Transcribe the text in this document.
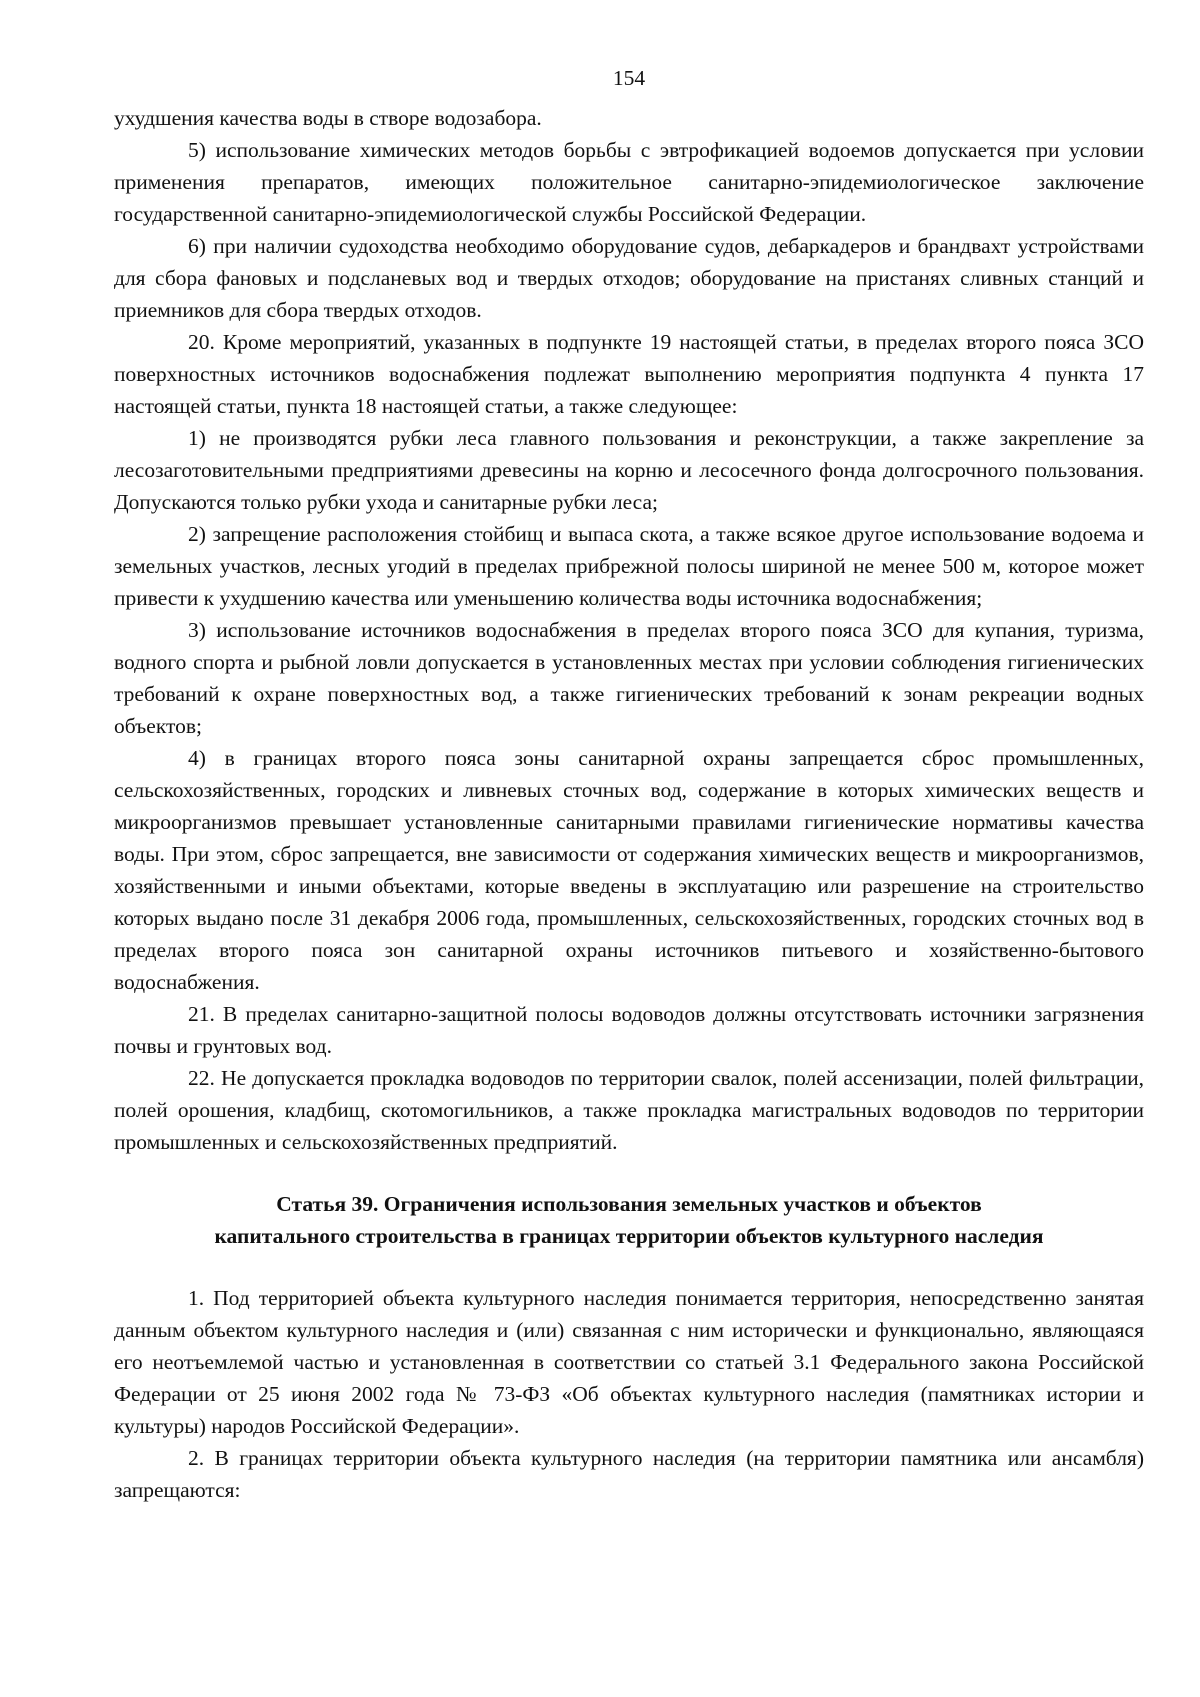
154

ухудшения качества воды в створе водозабора.

5) использование химических методов борьбы с эвтрофикацией водоемов допускается при условии применения препаратов, имеющих положительное санитарно-эпидемиологическое заключение государственной санитарно-эпидемиологической службы Российской Федерации.

6) при наличии судоходства необходимо оборудование судов, дебаркадеров и брандвахт устройствами для сбора фановых и подсланевых вод и твердых отходов; оборудование на пристанях сливных станций и приемников для сбора твердых отходов.

20. Кроме мероприятий, указанных в подпункте 19 настоящей статьи, в пределах второго пояса ЗСО поверхностных источников водоснабжения подлежат выполнению мероприятия подпункта 4 пункта 17 настоящей статьи, пункта 18 настоящей статьи, а также следующее:

1) не производятся рубки леса главного пользования и реконструкции, а также закрепление за лесозаготовительными предприятиями древесины на корню и лесосечного фонда долгосрочного пользования. Допускаются только рубки ухода и санитарные рубки леса;

2) запрещение расположения стойбищ и выпаса скота, а также всякое другое использование водоема и земельных участков, лесных угодий в пределах прибрежной полосы шириной не менее 500 м, которое может привести к ухудшению качества или уменьшению количества воды источника водоснабжения;

3) использование источников водоснабжения в пределах второго пояса ЗСО для купания, туризма, водного спорта и рыбной ловли допускается в установленных местах при условии соблюдения гигиенических требований к охране поверхностных вод, а также гигиенических требований к зонам рекреации водных объектов;

4) в границах второго пояса зоны санитарной охраны запрещается сброс промышленных, сельскохозяйственных, городских и ливневых сточных вод, содержание в которых химических веществ и микроорганизмов превышает установленные санитарными правилами гигиенические нормативы качества воды. При этом, сброс запрещается, вне зависимости от содержания химических веществ и микроорганизмов, хозяйственными и иными объектами, которые введены в эксплуатацию или разрешение на строительство которых выдано после 31 декабря 2006 года, промышленных, сельскохозяйственных, городских сточных вод в пределах второго пояса зон санитарной охраны источников питьевого и хозяйственно-бытового водоснабжения.

21. В пределах санитарно-защитной полосы водоводов должны отсутствовать источники загрязнения почвы и грунтовых вод.

22. Не допускается прокладка водоводов по территории свалок, полей ассенизации, полей фильтрации, полей орошения, кладбищ, скотомогильников, а также прокладка магистральных водоводов по территории промышленных и сельскохозяйственных предприятий.

Статья 39. Ограничения использования земельных участков и объектов
капитального строительства в границах территории объектов культурного наследия

1. Под территорией объекта культурного наследия понимается территория, непосредственно занятая данным объектом культурного наследия и (или) связанная с ним исторически и функционально, являющаяся его неотъемлемой частью и установленная в соответствии со статьей 3.1 Федерального закона Российской Федерации от 25 июня 2002 года № 73-ФЗ «Об объектах культурного наследия (памятниках истории и культуры) народов Российской Федерации».

2. В границах территории объекта культурного наследия (на территории памятника или ансамбля) запрещаются:
